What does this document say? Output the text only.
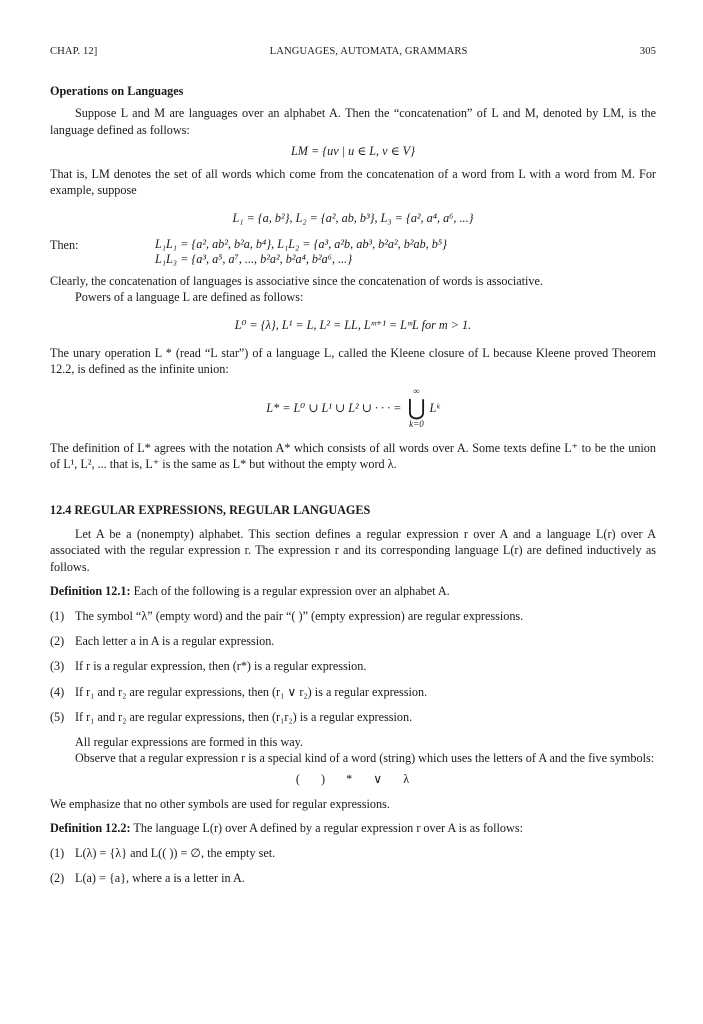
CHAP. 12]	LANGUAGES, AUTOMATA, GRAMMARS	305
Operations on Languages

Suppose L and M are languages over an alphabet A. Then the “concatenation” of L and M, denoted by LM, is the language defined as follows:

LM = {uv | u ∈ L, v ∈ V}

That is, LM denotes the set of all words which come from the concatenation of a word from L with a word from M. For example, suppose

L₁ = {a, b²}, L₂ = {a², ab, b³}, L₃ = {a², a⁴, a⁶, ...}
Then:	L₁L₁ = {a², ab², b²a, b⁴}, L₁L₂ = {a³, a²b, ab³, b²a², b²ab, b⁵}
L₁L₃ = {a³, a⁵, a⁷, ..., b²a², b²a⁴, b²a⁶, ...}

Clearly, the concatenation of languages is associative since the concatenation of words is associative.

Powers of a language L are defined as follows:

L⁰ = {λ}, L¹ = L, L² = LL, Lᵐ⁺¹ = LᵐL for m > 1.

The unary operation L * (read “L star”) of a language L, called the Kleene closure of L because Kleene proved Theorem 12.2, is defined as the infinite union:

L* = L⁰ ∪ L¹ ∪ L² ∪ · · · =
∞
⋃
k=0
Lᵏ

The definition of L* agrees with the notation A* which consists of all words over A. Some texts define L⁺ to be the union of L¹, L², ... that is, L⁺ is the same as L* but without the empty word λ.

12.4 REGULAR EXPRESSIONS, REGULAR LANGUAGES

Let A be a (nonempty) alphabet. This section defines a regular expression r over A and a language L(r) over A associated with the regular expression r. The expression r and its corresponding language L(r) are defined inductively as follows.

Definition 12.1: Each of the following is a regular expression over an alphabet A.

(1) The symbol “λ” (empty word) and the pair “( )” (empty expression) are regular expressions.
(2) Each letter a in A is a regular expression.
(3) If r is a regular expression, then (r*) is a regular expression.
(4) If r₁ and r₂ are regular expressions, then (r₁ ∨ r₂) is a regular expression.
(5) If r₁ and r₂ are regular expressions, then (r₁r₂) is a regular expression.

All regular expressions are formed in this way.

Observe that a regular expression r is a special kind of a word (string) which uses the letters of A and the five symbols:

( ) * ∨ λ

We emphasize that no other symbols are used for regular expressions.

Definition 12.2: The language L(r) over A defined by a regular expression r over A is as follows:

(1) L(λ) = {λ} and L(( )) = ∅, the empty set.
(2) L(a) = {a}, where a is a letter in A.
